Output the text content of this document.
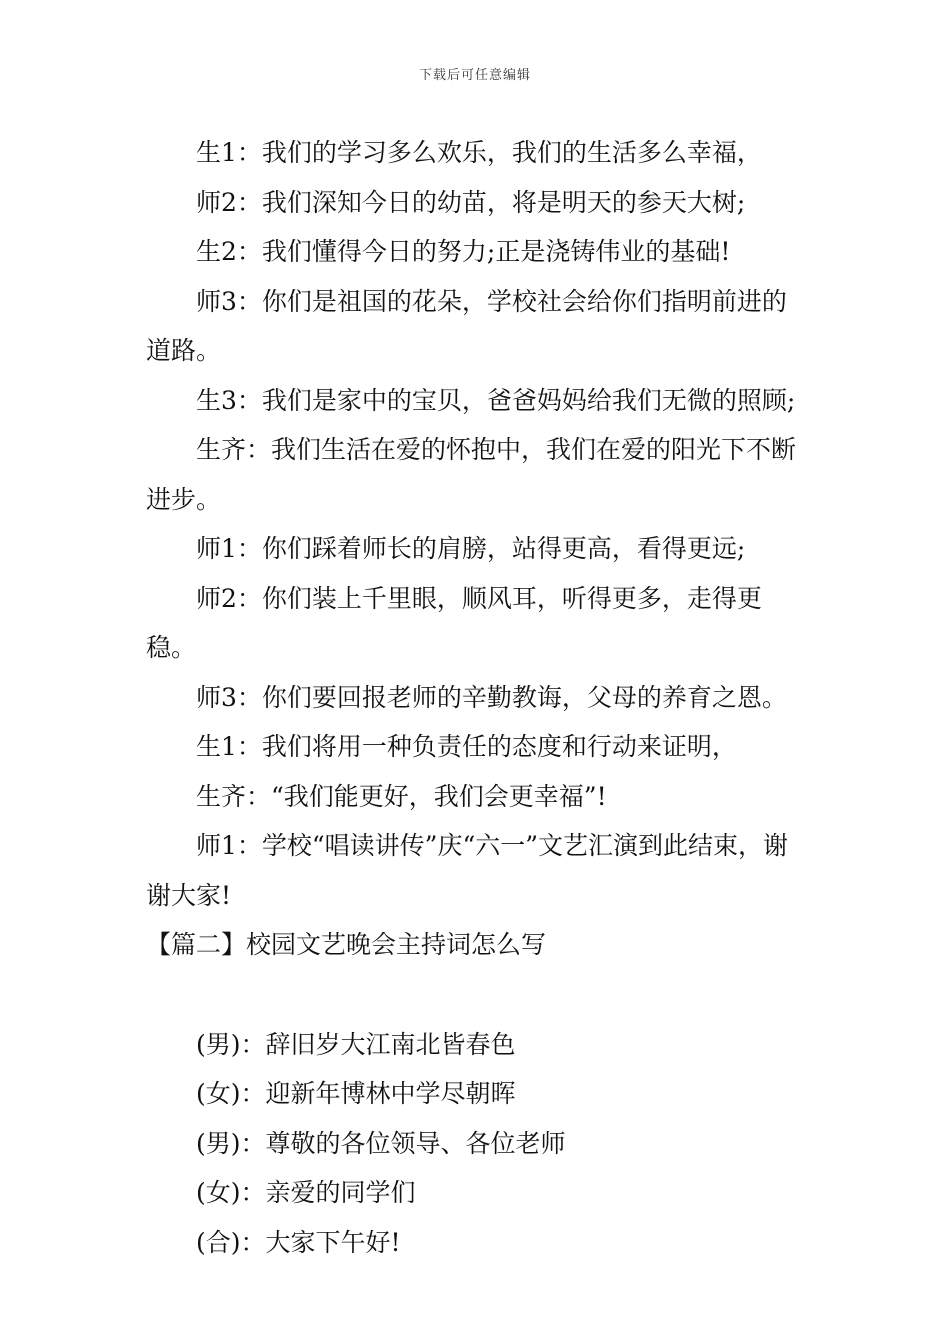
下载后可任意编辑

生1：我们的学习多么欢乐，我们的生活多么幸福，

师2：我们深知今日的幼苗，将是明天的参天大树;

生2：我们懂得今日的努力;正是浇铸伟业的基础!

师3：你们是祖国的花朵，学校社会给你们指明前进的道路。

生3：我们是家中的宝贝，爸爸妈妈给我们无微的照顾;

生齐：我们生活在爱的怀抱中，我们在爱的阳光下不断进步。

师1：你们踩着师长的肩膀，站得更高，看得更远;

师2：你们装上千里眼，顺风耳，听得更多，走得更稳。

师3：你们要回报老师的辛勤教诲，父母的养育之恩。

生1：我们将用一种负责任的态度和行动来证明，

生齐：“我们能更好，我们会更幸福”!

师1：学校“唱读讲传”庆“六一”文艺汇演到此结束，谢谢大家!

【篇二】校园文艺晚会主持词怎么写

(男)：辞旧岁大江南北皆春色

(女)：迎新年博林中学尽朝晖

(男)：尊敬的各位领导、各位老师

(女)：亲爱的同学们

(合)：大家下午好!
